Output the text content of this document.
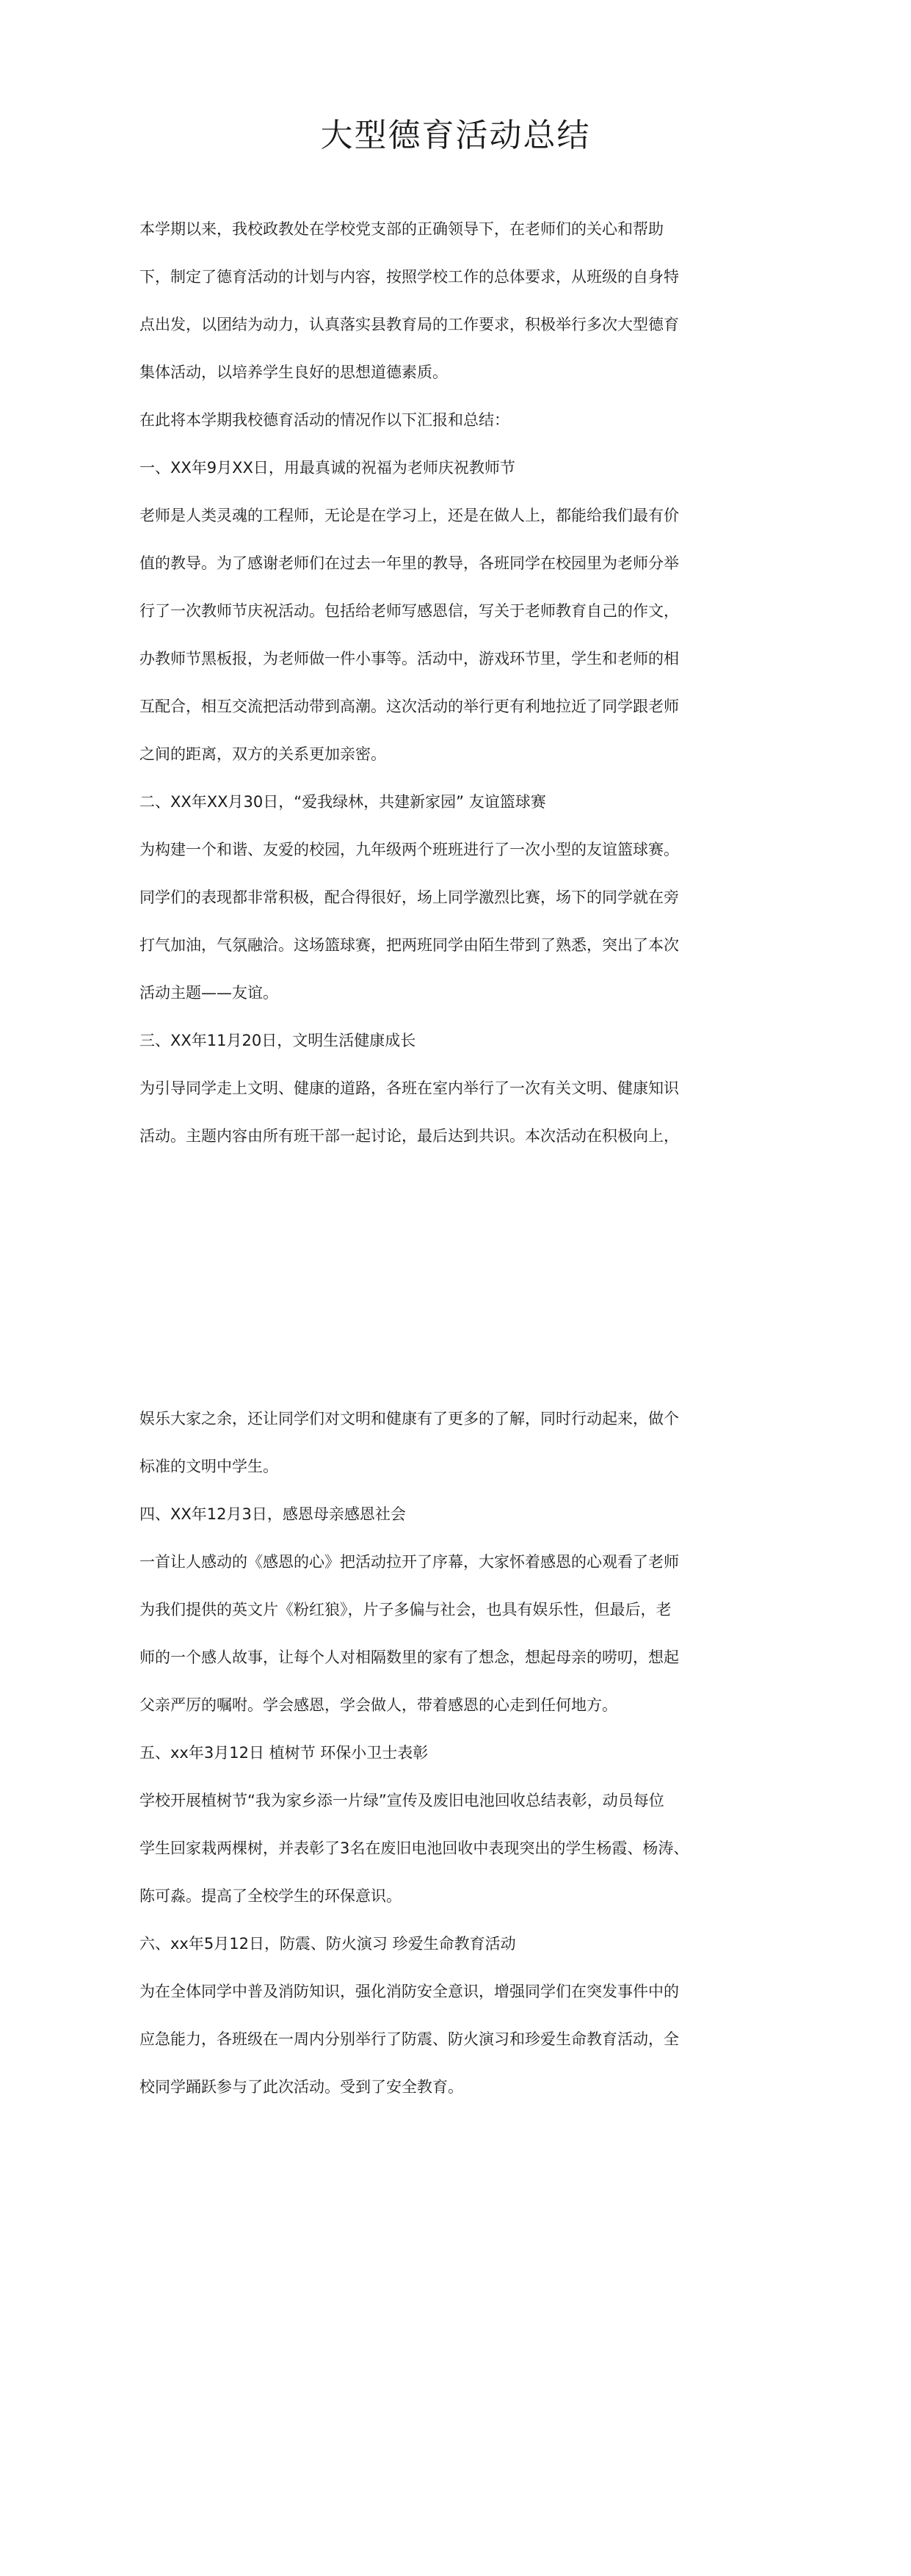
大型德育活动总结
本学期以来，我校政教处在学校党支部的正确领导下，在老师们的关心和帮助
下，制定了德育活动的计划与内容，按照学校工作的总体要求，从班级的自身特
点出发，以团结为动力，认真落实县教育局的工作要求，积极举行多次大型德育
集体活动，以培养学生良好的思想道德素质。
在此将本学期我校德育活动的情况作以下汇报和总结：
一、XX年9月XX日，用最真诚的祝福为老师庆祝教师节
老师是人类灵魂的工程师，无论是在学习上，还是在做人上，都能给我们最有价
值的教导。为了感谢老师们在过去一年里的教导，各班同学在校园里为老师分举
行了一次教师节庆祝活动。包括给老师写感恩信，写关于老师教育自己的作文，
办教师节黑板报，为老师做一件小事等。活动中，游戏环节里，学生和老师的相
互配合，相互交流把活动带到高潮。这次活动的举行更有利地拉近了同学跟老师
之间的距离，双方的关系更加亲密。
二、XX年XX月30日，“爱我绿林，共建新家园” 友谊篮球赛
为构建一个和谐、友爱的校园，九年级两个班班进行了一次小型的友谊篮球赛。
同学们的表现都非常积极，配合得很好，场上同学激烈比赛，场下的同学就在旁
打气加油，气氛融洽。这场篮球赛，把两班同学由陌生带到了熟悉，突出了本次
活动主题——友谊。
三、XX年11月20日，文明生活健康成长
为引导同学走上文明、健康的道路，各班在室内举行了一次有关文明、健康知识
活动。主题内容由所有班干部一起讨论，最后达到共识。本次活动在积极向上，
娱乐大家之余，还让同学们对文明和健康有了更多的了解，同时行动起来，做个
标准的文明中学生。
四、XX年12月3日，感恩母亲感恩社会
一首让人感动的《感恩的心》把活动拉开了序幕，大家怀着感恩的心观看了老师
为我们提供的英文片《粉红狼》，片子多偏与社会，也具有娱乐性，但最后，老
师的一个感人故事，让每个人对相隔数里的家有了想念，想起母亲的唠叨，想起
父亲严厉的嘱咐。学会感恩，学会做人，带着感恩的心走到任何地方。
五、xx年3月12日 植树节 环保小卫士表彰
学校开展植树节“我为家乡添一片绿”宣传及废旧电池回收总结表彰，动员每位
学生回家栽两棵树，并表彰了3名在废旧电池回收中表现突出的学生杨霞、杨涛、
陈可淼。提高了全校学生的环保意识。
六、xx年5月12日，防震、防火演习 珍爱生命教育活动
为在全体同学中普及消防知识，强化消防安全意识，增强同学们在突发事件中的
应急能力，各班级在一周内分别举行了防震、防火演习和珍爱生命教育活动，全
校同学踊跃参与了此次活动。受到了安全教育。
